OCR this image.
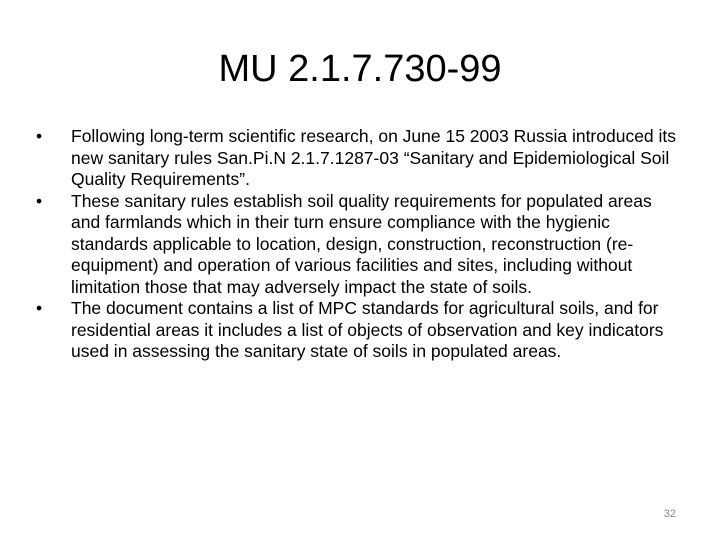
MU 2.1.7.730-99
•	Following long-term scientific research, on June 15 2003 Russia introduced its new sanitary rules San.Pi.N 2.1.7.1287-03 “Sanitary and Epidemiological Soil Quality Requirements”.
•	These sanitary rules establish soil quality requirements for populated areas and farmlands which in their turn ensure compliance with the hygienic standards applicable to location, design, construction, reconstruction (re-equipment) and operation of various facilities and sites, including without limitation those that may adversely impact the state of soils.
•	The document contains a list of MPC standards for agricultural soils, and for residential areas it includes a list of objects of observation and key indicators used in assessing the sanitary state of soils in populated areas.
32
